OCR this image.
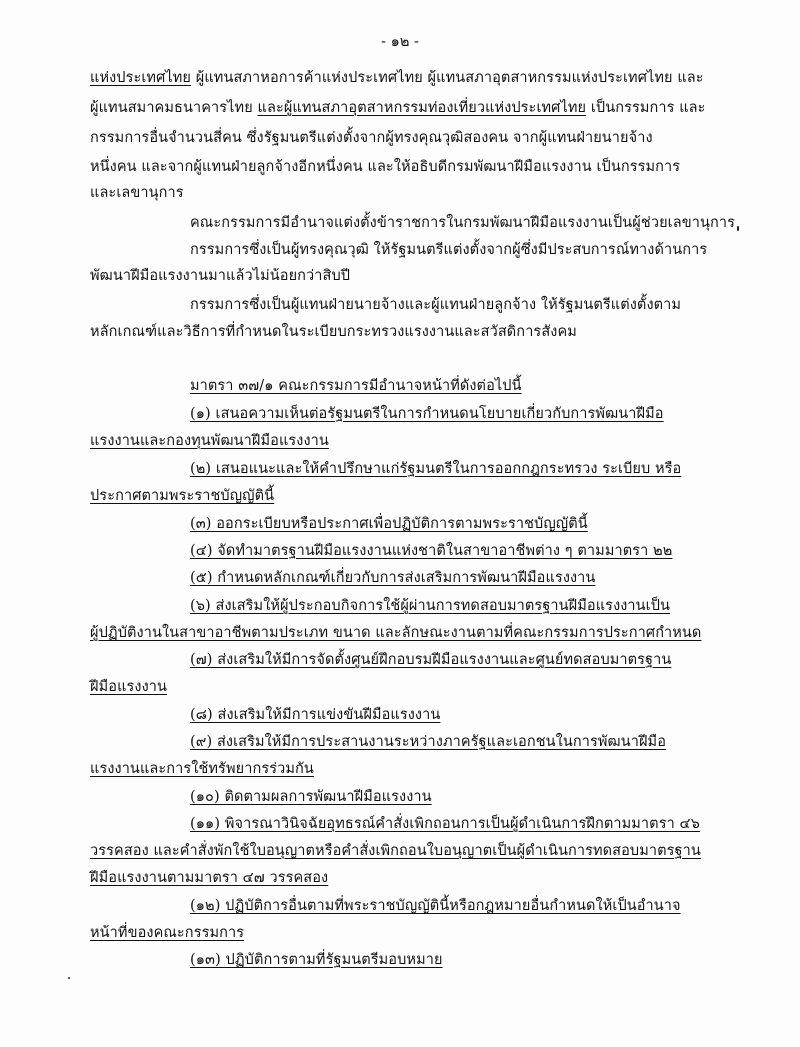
- ๑๒ -
แห่งประเทศไทย ผู้แทนสภาหอการค้าแห่งประเทศไทย ผู้แทนสภาอุตสาหกรรมแห่งประเทศไทย และ
ผู้แทนสมาคมธนาคารไทย และผู้แทนสภาอุตสาหกรรมท่องเที่ยวแห่งประเทศไทย เป็นกรรมการ และ
กรรมการอื่นจำนวนสี่คน ซึ่งรัฐมนตรีแต่งตั้งจากผู้ทรงคุณวุฒิสองคน จากผู้แทนฝ่ายนายจ้าง
หนึ่งคน และจากผู้แทนฝ่ายลูกจ้างอีกหนึ่งคน และให้อธิบดีกรมพัฒนาฝีมือแรงงาน เป็นกรรมการ
และเลขานุการ
คณะกรรมการมีอำนาจแต่งตั้งข้าราชการในกรมพัฒนาฝีมือแรงงานเป็นผู้ช่วยเลขานุการ
กรรมการซึ่งเป็นผู้ทรงคุณวุฒิ ให้รัฐมนตรีแต่งตั้งจากผู้ซึ่งมีประสบการณ์ทางด้านการ
พัฒนาฝีมือแรงงานมาแล้วไม่น้อยกว่าสิบปี
กรรมการซึ่งเป็นผู้แทนฝ่ายนายจ้างและผู้แทนฝ่ายลูกจ้าง ให้รัฐมนตรีแต่งตั้งตาม
หลักเกณฑ์และวิธีการที่กำหนดในระเบียบกระทรวงแรงงานและสวัสดิการสังคม
มาตรา ๓๗/๑ คณะกรรมการมีอำนาจหน้าที่ดังต่อไปนี้
(๑) เสนอความเห็นต่อรัฐมนตรีในการกำหนดนโยบายเกี่ยวกับการพัฒนาฝีมือ
แรงงานและกองทุนพัฒนาฝีมือแรงงาน
(๒) เสนอแนะและให้คำปรึกษาแก่รัฐมนตรีในการออกกฎกระทรวง ระเบียบ หรือ
ประกาศตามพระราชบัญญัตินี้
(๓) ออกระเบียบหรือประกาศเพื่อปฏิบัติการตามพระราชบัญญัตินี้
(๔) จัดทำมาตรฐานฝีมือแรงงานแห่งชาติในสาขาอาชีพต่าง ๆ ตามมาตรา ๒๒
(๕) กำหนดหลักเกณฑ์เกี่ยวกับการส่งเสริมการพัฒนาฝีมือแรงงาน
(๖) ส่งเสริมให้ผู้ประกอบกิจการใช้ผู้ผ่านการทดสอบมาตรฐานฝีมือแรงงานเป็น
ผู้ปฏิบัติงานในสาขาอาชีพตามประเภท ขนาด และลักษณะงานตามที่คณะกรรมการประกาศกำหนด
(๗) ส่งเสริมให้มีการจัดตั้งศูนย์ฝึกอบรมฝีมือแรงงานและศูนย์ทดสอบมาตรฐาน
ฝีมือแรงงาน
(๘) ส่งเสริมให้มีการแข่งขันฝีมือแรงงาน
(๙) ส่งเสริมให้มีการประสานงานระหว่างภาครัฐและเอกชนในการพัฒนาฝีมือ
แรงงานและการใช้ทรัพยากรร่วมกัน
(๑๐) ติดตามผลการพัฒนาฝีมือแรงงาน
(๑๑) พิจารณาวินิจฉัยอุทธรณ์คำสั่งเพิกถอนการเป็นผู้ดำเนินการฝึกตามมาตรา ๔๖
วรรคสอง และคำสั่งพักใช้ใบอนุญาตหรือคำสั่งเพิกถอนใบอนุญาตเป็นผู้ดำเนินการทดสอบมาตรฐาน
ฝีมือแรงงานตามมาตรา ๔๗ วรรคสอง
(๑๒) ปฏิบัติการอื่นตามที่พระราชบัญญัตินี้หรือกฎหมายอื่นกำหนดให้เป็นอำนาจ
หน้าที่ของคณะกรรมการ
(๑๓) ปฏิบัติการตามที่รัฐมนตรีมอบหมาย
